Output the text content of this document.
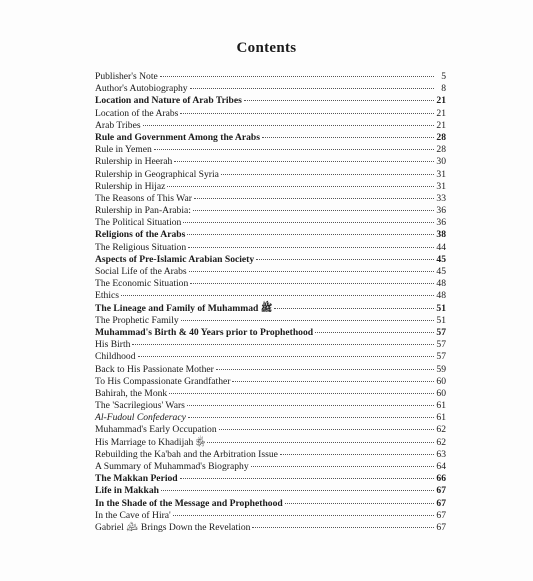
Contents
Publisher's Note	5
Author's Autobiography	8
Location and Nature of Arab Tribes	21
Location of the Arabs	21
Arab Tribes	21
Rule and Government Among the Arabs	28
Rule in Yemen	28
Rulership in Heerah	30
Rulership in Geographical Syria	31
Rulership in Hijaz	31
The Reasons of This War	33
Rulership in Pan-Arabia:	36
The Political Situation	36
Religions of the Arabs	38
The Religious Situation	44
Aspects of Pre-Islamic Arabian Society	45
Social Life of the Arabs	45
The Economic Situation	48
Ethics	48
The Lineage and Family of Muhammad ﷺ	51
The Prophetic Family	51
Muhammad's Birth & 40 Years prior to Prophethood	57
His Birth	57
Childhood	57
Back to His Passionate Mother	59
To His Compassionate Grandfather	60
Bahirah, the Monk	60
The 'Sacrilegious' Wars	61
Al-Fudoul Confederacy	61
Muhammad's Early Occupation	62
His Marriage to Khadijah ﵂	62
Rebuilding the Ka'bah and the Arbitration Issue	63
A Summary of Muhammad's Biography	64
The Makkan Period	66
Life in Makkah	67
In the Shade of the Message and Prophethood	67
In the Cave of Hira'	67
Gabriel ﵇ Brings Down the Revelation	67
